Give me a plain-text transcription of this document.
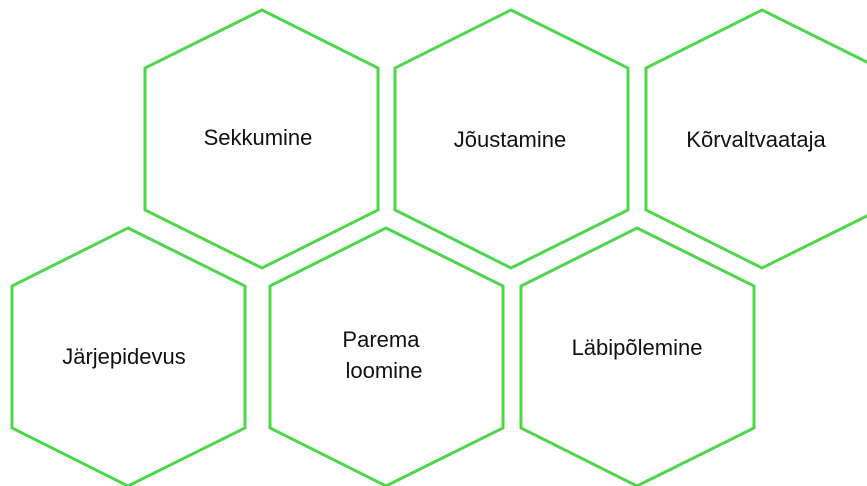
Sekkumine	Jõustamine	Kõrvaltvaataja
Järjepidevus
Parema loomine
Läbipõlemine
